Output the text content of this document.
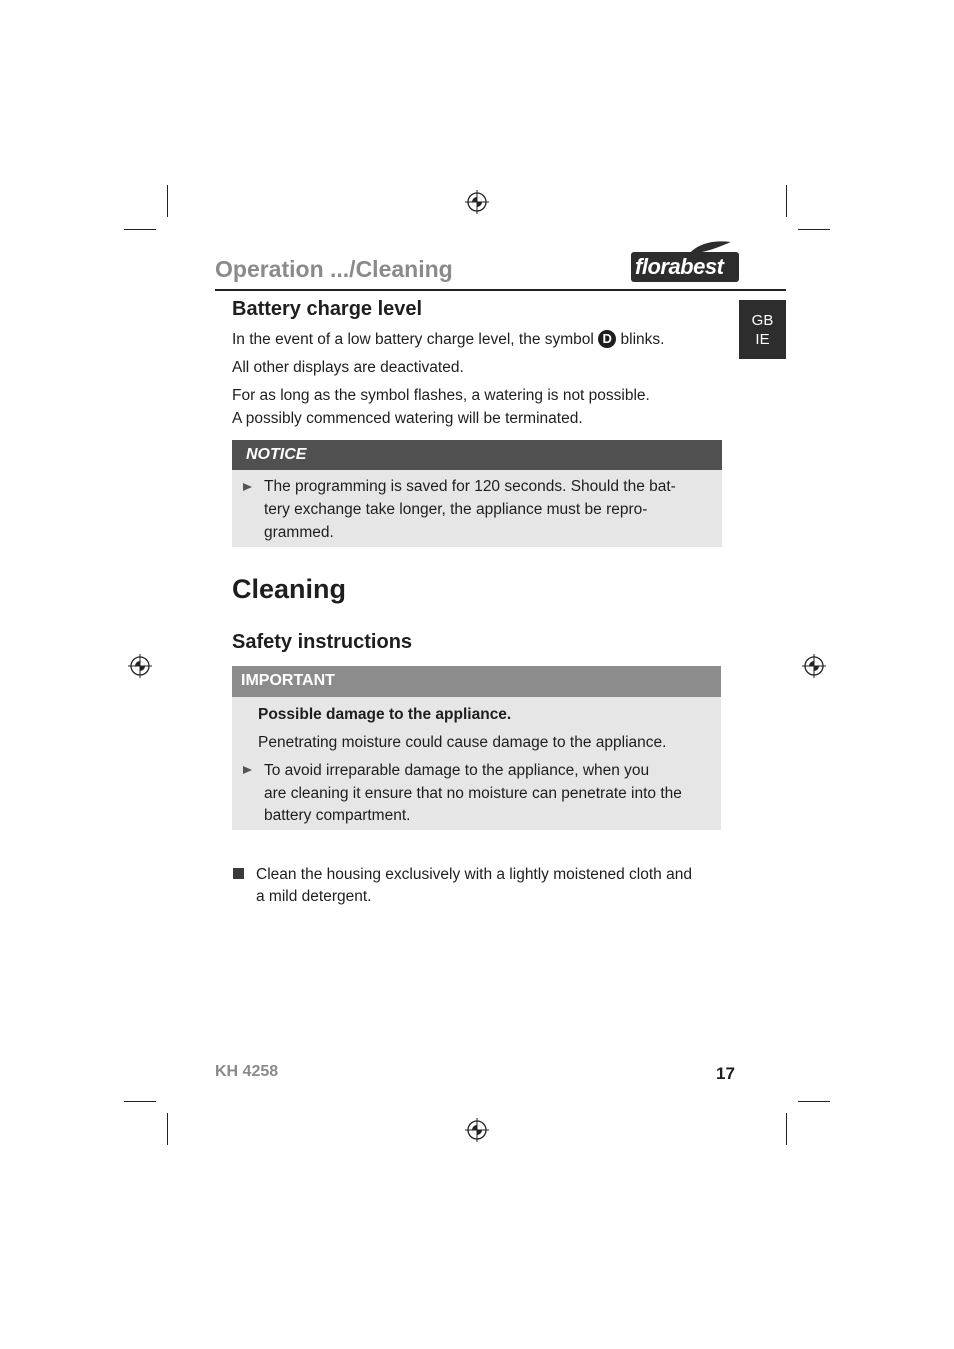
Operation .../Cleaning	florabest
GB
IE
Battery charge level

In the event of a low battery charge level, the symbol D blinks.

All other displays are deactivated.

For as long as the symbol flashes, a watering is not possible.

A possibly commenced watering will be terminated.

NOTICE

The programming is saved for 120 seconds. Should the bat-

tery exchange take longer, the appliance must be repro-

grammed.

Cleaning
Safety instructions
IMPORTANT

Possible damage to the appliance.

Penetrating moisture could cause damage to the appliance.

To avoid irreparable damage to the appliance, when you

are cleaning it ensure that no moisture can penetrate into the

battery compartment.

Clean the housing exclusively with a lightly moistened cloth and

a mild detergent.

KH 4258	17
